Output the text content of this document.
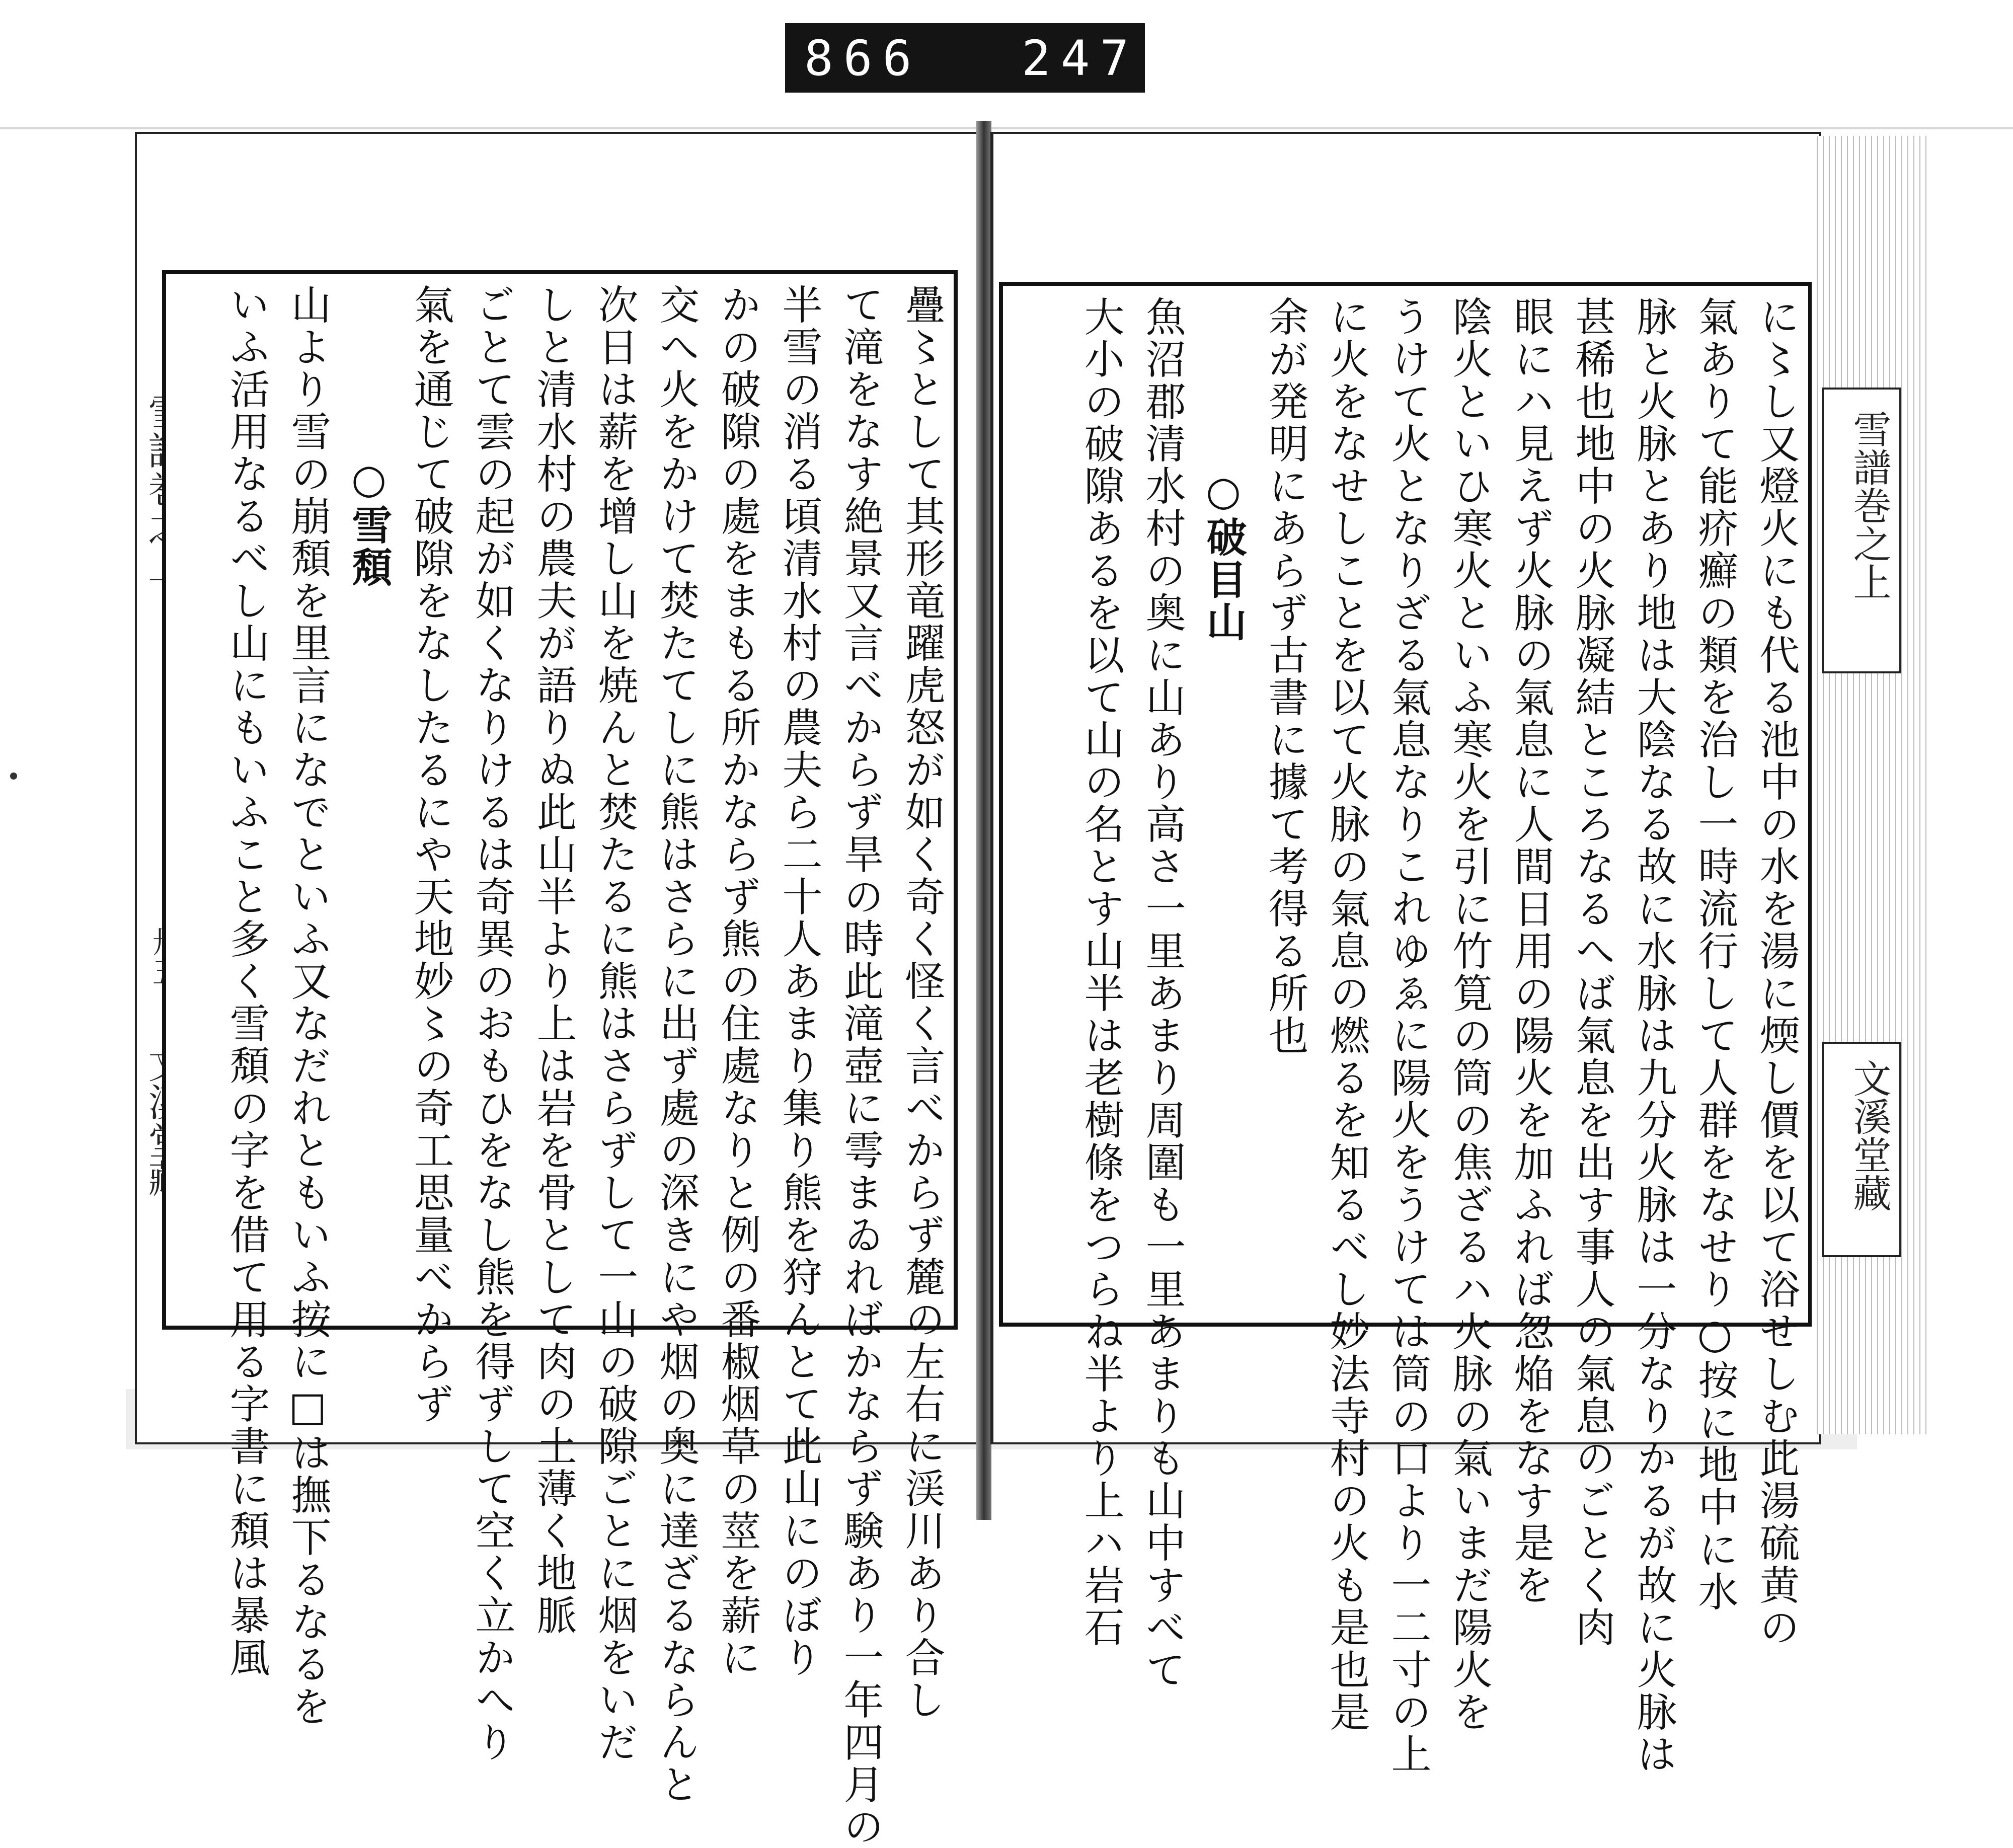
866 247
疊〻として其形竜躍虎怒が如く奇く怪く言べからず麓の左右に渓川あり合し
て滝をなす絶景又言べからず旱の時此滝壺に雩まゐればかならず験あり一年四月の
半雪の消る頃清水村の農夫ら二十人あまり集り熊を狩んとて此山にのぼり
かの破隙の處をまもる所かならず熊の住處なりと例の番椒烟草の莖を薪に
交へ火をかけて焚たてしに熊はさらに出ず處の深きにや烟の奥に達ざるならんと
次日は薪を增し山を焼んと焚たるに熊はさらずして一山の破隙ごとに烟をいだ
しと清水村の農夫が語りぬ此山半より上は岩を骨として肉の土薄く地脈
ごとて雲の起が如くなりけるは奇異のおもひをなし熊を得ずして空く立かへり
氣を通じて破隙をなしたるにや天地妙〻の奇工思量べからず
○雪頽
山より雪の崩頽を里言になでといふ又なだれともいふ按に□は撫下るなるを
いふ活用なるべし山にもいふこと多く雪頽の字を借て用る字書に頽は暴風	に〻し又燈火にも代る池中の水を湯に煗し價を以て浴せしむ此湯硫黄の
氣ありて能疥癬の類を治し一時流行して人群をなせり○按に地中に水
脉と火脉とあり地は大陰なる故に水脉は九分火脉は一分なりかるが故に火脉は
甚稀也地中の火脉凝結ところなるへば氣息を出す事人の氣息のごとく肉
眼にハ見えず火脉の氣息に人間日用の陽火を加ふれば忽焔をなす是を
陰火といひ寒火といふ寒火を引に竹筧の筒の焦ざるハ火脉の氣いまだ陽火を
うけて火となりざる氣息なりこれゆゑに陽火をうけては筒の口より一二寸の上
に火をなせしことを以て火脉の氣息の燃るを知るべし妙法寺村の火も是也是
余が発明にあらず古書に據て考得る所也
○破目山
魚沼郡清水村の奥に山あり高さ一里あまり周圍も一里あまりも山中すべて
大小の破隙あるを以て山の名とす山半は老樹條をつらね半より上ハ岩石	雪譜巻之上
文溪堂藏
